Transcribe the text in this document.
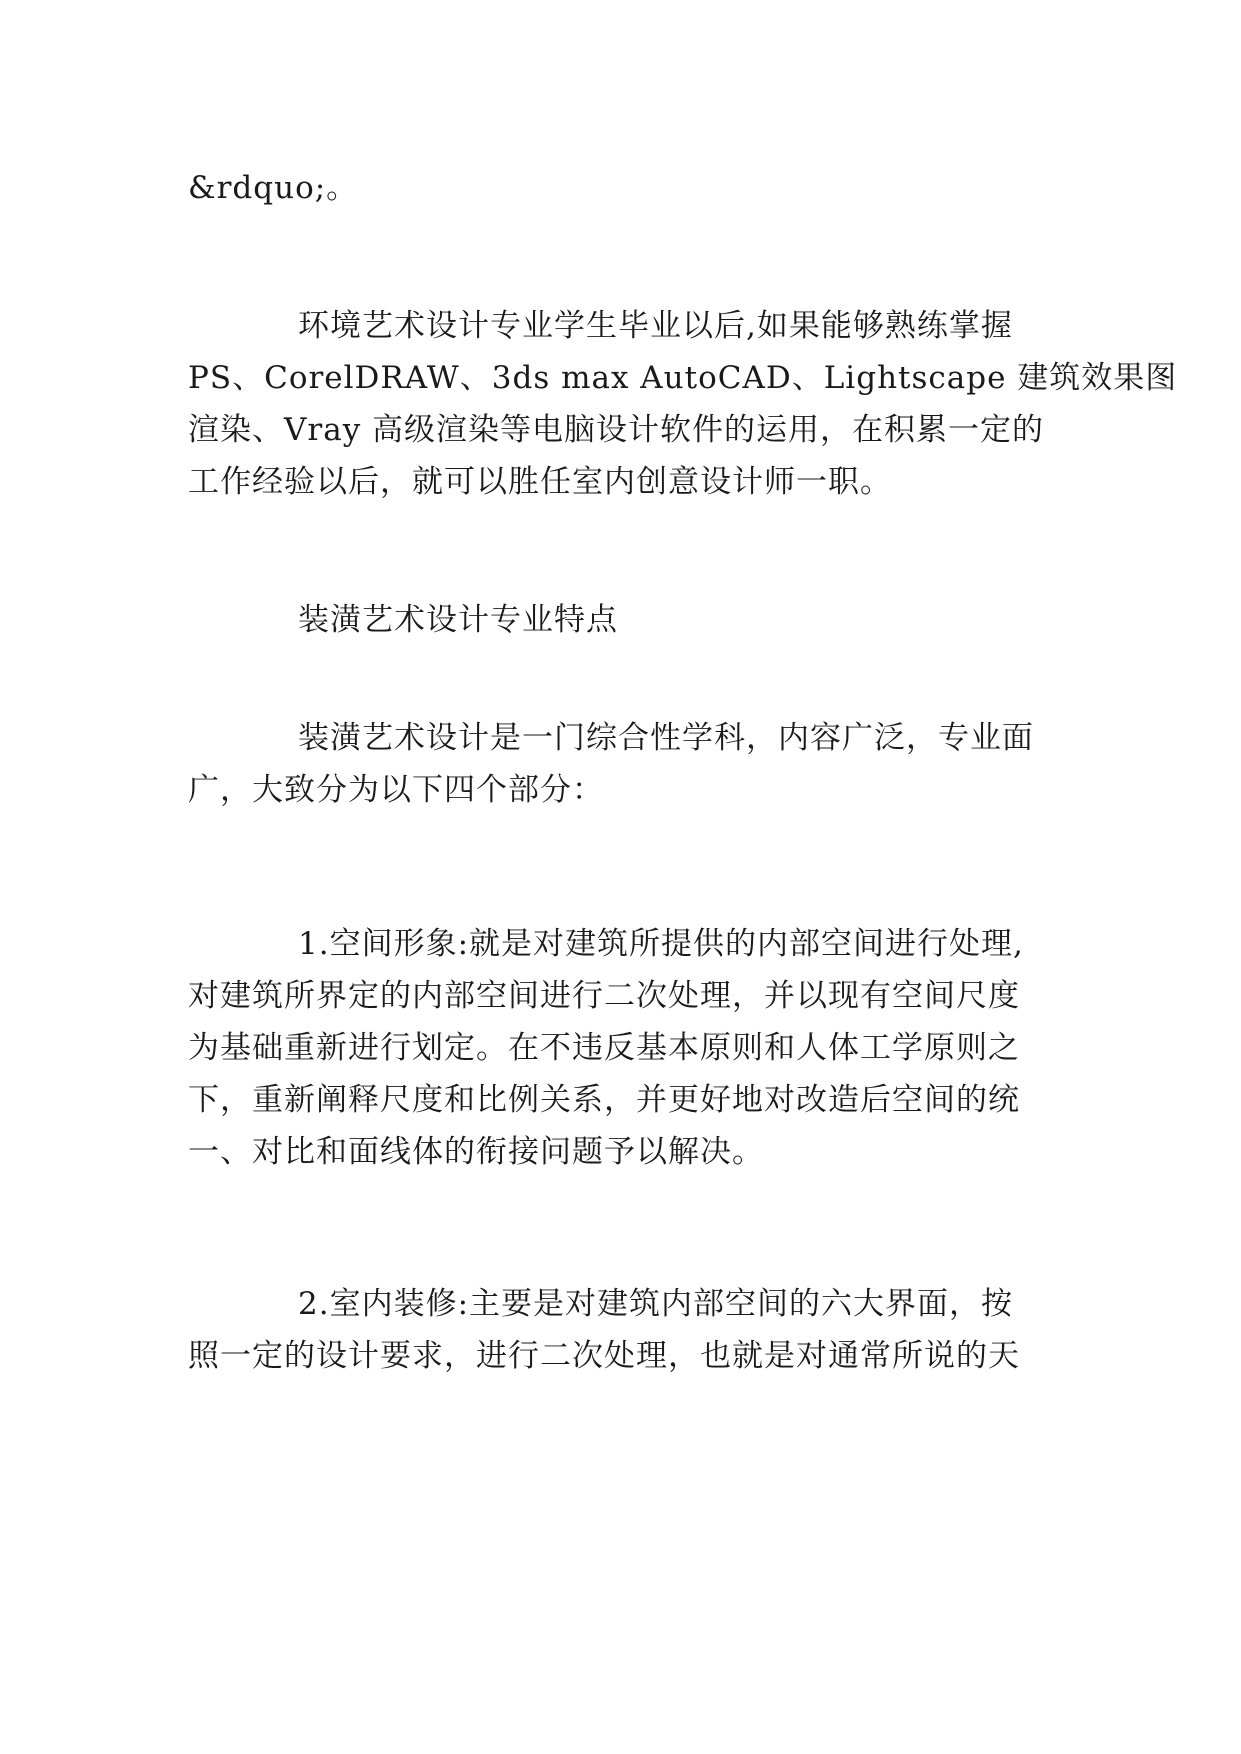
&rdquo;。
环境艺术设计专业学生毕业以后,如果能够熟练掌握
PS、CorelDRAW、3ds max AutoCAD、Lightscape 建筑效果图
渲染、Vray 高级渲染等电脑设计软件的运用，在积累一定的
工作经验以后，就可以胜任室内创意设计师一职。
装潢艺术设计专业特点
装潢艺术设计是一门综合性学科，内容广泛，专业面
广，大致分为以下四个部分：
1.空间形象:就是对建筑所提供的内部空间进行处理,
对建筑所界定的内部空间进行二次处理，并以现有空间尺度
为基础重新进行划定。在不违反基本原则和人体工学原则之
下，重新阐释尺度和比例关系，并更好地对改造后空间的统
一、对比和面线体的衔接问题予以解决。
2.室内装修:主要是对建筑内部空间的六大界面，按
照一定的设计要求，进行二次处理，也就是对通常所说的天
